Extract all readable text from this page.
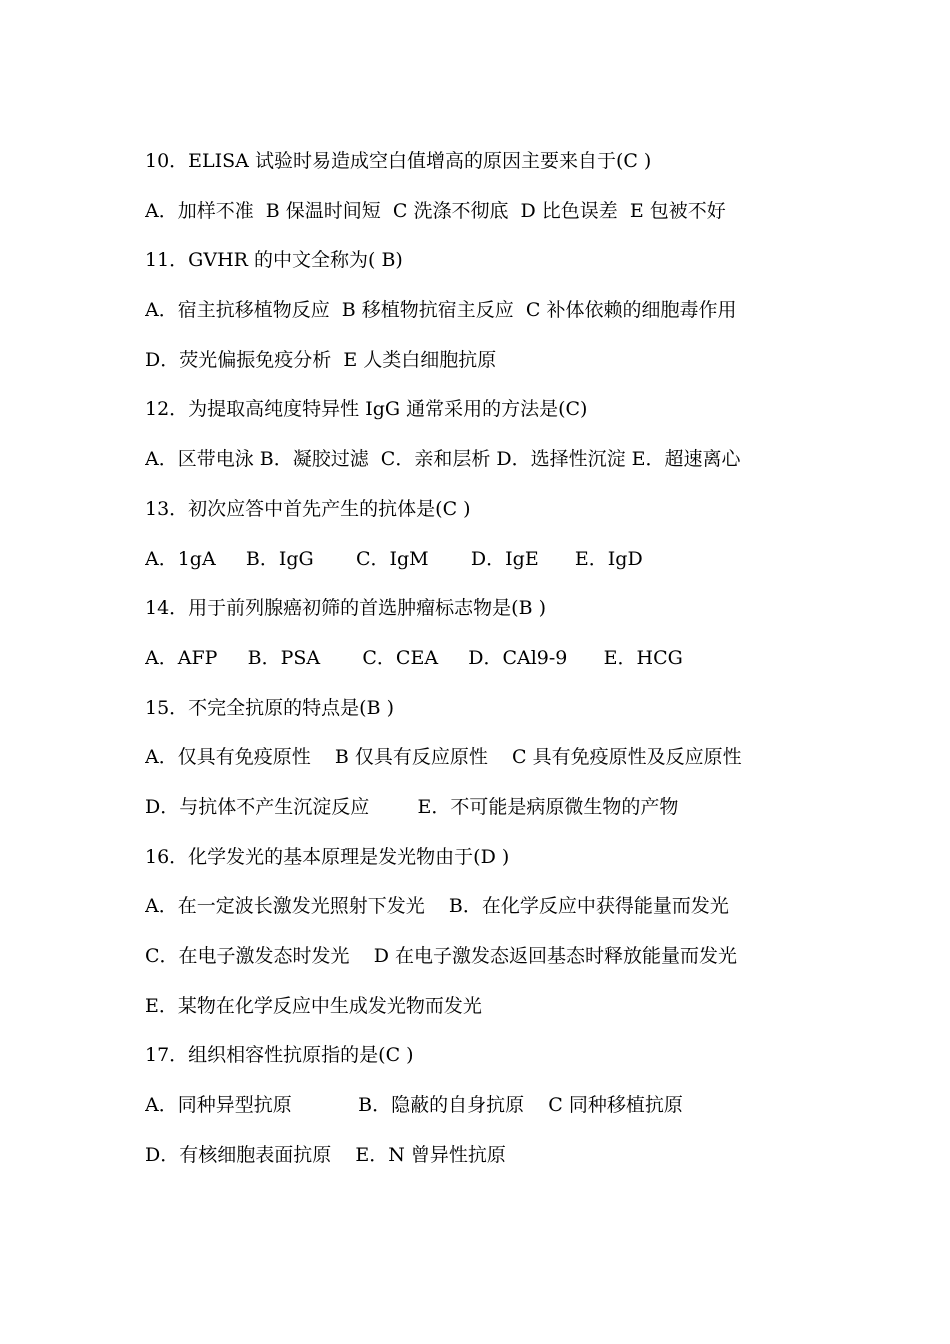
10．ELISA 试验时易造成空白值增高的原因主要来自于(C )
A．加样不准  B 保温时间短  C 洗涤不彻底  D 比色误差  E 包被不好
11．GVHR 的中文全称为( B)
A．宿主抗移植物反应  B 移植物抗宿主反应  C 补体依赖的细胞毒作用
D．荧光偏振免疫分析  E 人类白细胞抗原
12．为提取高纯度特异性 IgG 通常采用的方法是(C)
A．区带电泳 B．凝胶过滤  C．亲和层析 D．选择性沉淀 E．超速离心
13．初次应答中首先产生的抗体是(C )
A．1gA     B．IgG       C．IgM       D．IgE      E．IgD
14．用于前列腺癌初筛的首选肿瘤标志物是(B )
A．AFP     B．PSA       C．CEA     D．CAl9-9      E．HCG
15．不完全抗原的特点是(B )
A．仅具有免疫原性    B 仅具有反应原性    C 具有免疫原性及反应原性
D．与抗体不产生沉淀反应        E．不可能是病原微生物的产物
16．化学发光的基本原理是发光物由于(D )
A．在一定波长激发光照射下发光    B．在化学反应中获得能量而发光
C．在电子激发态时发光    D 在电子激发态返回基态时释放能量而发光
E．某物在化学反应中生成发光物而发光
17．组织相容性抗原指的是(C )
A．同种异型抗原           B．隐蔽的自身抗原    C 同种移植抗原
D．有核细胞表面抗原    E．N 曾异性抗原
